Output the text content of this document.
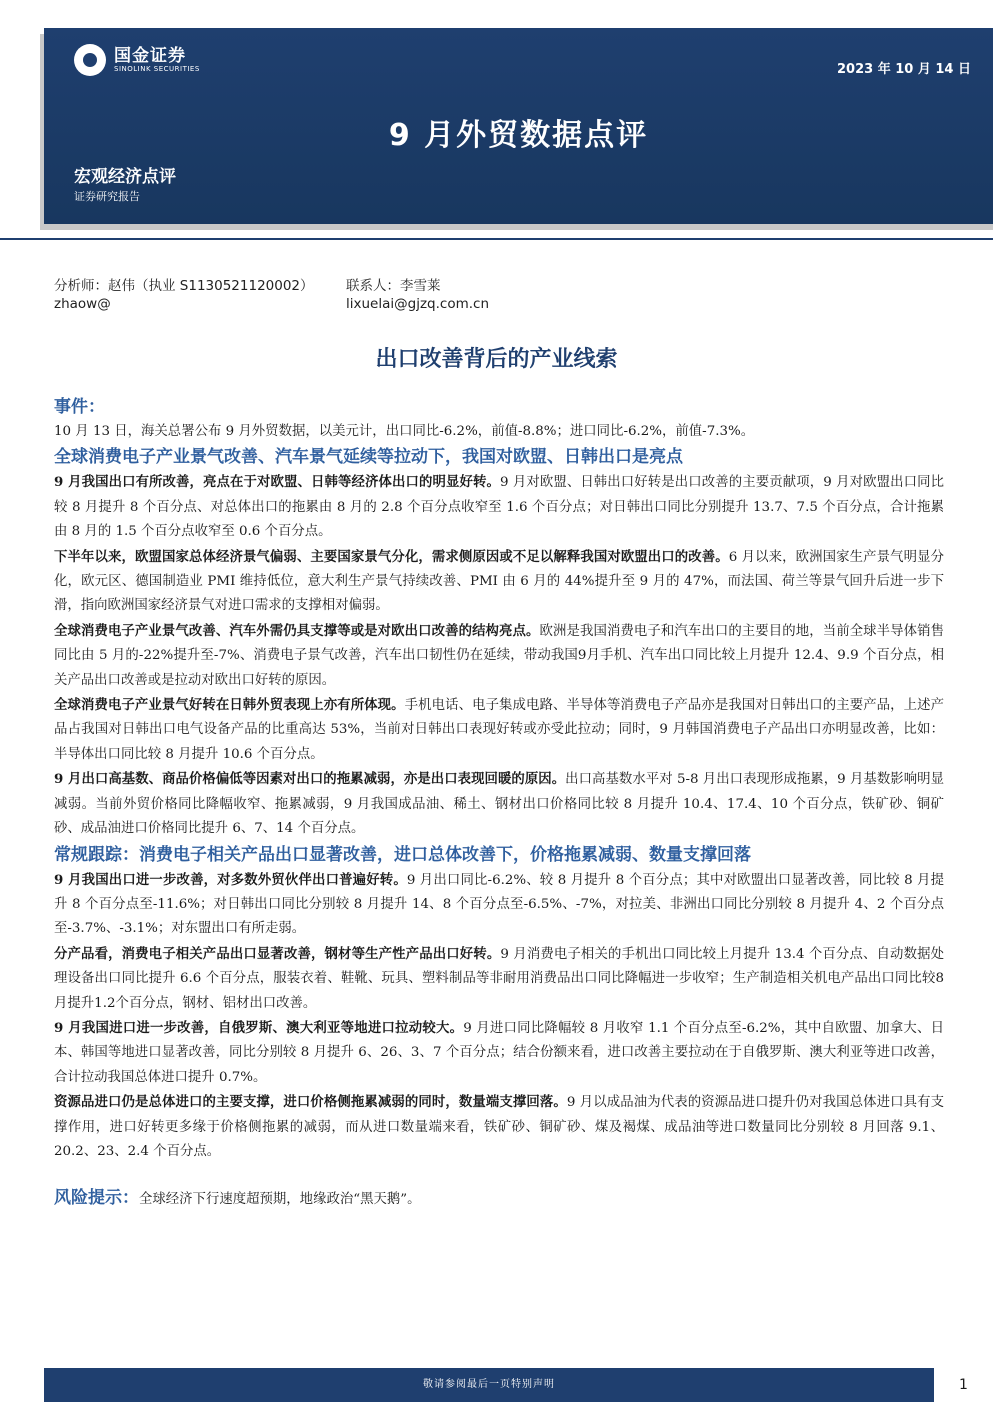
国金证券
SINOLINK SECURITIES	2023 年 10 月 14 日
9 月外贸数据点评
宏观经济点评
证券研究报告
分析师：赵伟（执业 S1130521120002）
zhaow@
联系人：李雪莱
lixuelai@gjzq.com.cn
出口改善背后的产业线索
事件：

10 月 13 日，海关总署公布 9 月外贸数据，以美元计，出口同比-6.2%，前值-8.8%；进口同比-6.2%，前值-7.3%。

全球消费电子产业景气改善、汽车景气延续等拉动下，我国对欧盟、日韩出口是亮点

9 月我国出口有所改善，亮点在于对欧盟、日韩等经济体出口的明显好转。9 月对欧盟、日韩出口好转是出口改善的主要贡献项，9 月对欧盟出口同比较 8 月提升 8 个百分点、对总体出口的拖累由 8 月的 2.8 个百分点收窄至 1.6 个百分点；对日韩出口同比分别提升 13.7、7.5 个百分点，合计拖累由 8 月的 1.5 个百分点收窄至 0.6 个百分点。

下半年以来，欧盟国家总体经济景气偏弱、主要国家景气分化，需求侧原因或不足以解释我国对欧盟出口的改善。6 月以来，欧洲国家生产景气明显分化，欧元区、德国制造业 PMI 维持低位，意大利生产景气持续改善、PMI 由 6 月的 44%提升至 9 月的 47%，而法国、荷兰等景气回升后进一步下滑，指向欧洲国家经济景气对进口需求的支撑相对偏弱。

全球消费电子产业景气改善、汽车外需仍具支撑等或是对欧出口改善的结构亮点。欧洲是我国消费电子和汽车出口的主要目的地，当前全球半导体销售同比由 5 月的-22%提升至-7%、消费电子景气改善，汽车出口韧性仍在延续，带动我国9月手机、汽车出口同比较上月提升 12.4、9.9 个百分点，相关产品出口改善或是拉动对欧出口好转的原因。

全球消费电子产业景气好转在日韩外贸表现上亦有所体现。手机电话、电子集成电路、半导体等消费电子产品亦是我国对日韩出口的主要产品，上述产品占我国对日韩出口电气设备产品的比重高达 53%，当前对日韩出口表现好转或亦受此拉动；同时，9 月韩国消费电子产品出口亦明显改善，比如：半导体出口同比较 8 月提升 10.6 个百分点。

9 月出口高基数、商品价格偏低等因素对出口的拖累减弱，亦是出口表现回暖的原因。出口高基数水平对 5-8 月出口表现形成拖累，9 月基数影响明显减弱。当前外贸价格同比降幅收窄、拖累减弱，9 月我国成品油、稀土、钢材出口价格同比较 8 月提升 10.4、17.4、10 个百分点，铁矿砂、铜矿砂、成品油进口价格同比提升 6、7、14 个百分点。

常规跟踪：消费电子相关产品出口显著改善，进口总体改善下，价格拖累减弱、数量支撑回落

9 月我国出口进一步改善，对多数外贸伙伴出口普遍好转。9 月出口同比-6.2%、较 8 月提升 8 个百分点；其中对欧盟出口显著改善，同比较 8 月提升 8 个百分点至-11.6%；对日韩出口同比分别较 8 月提升 14、8 个百分点至-6.5%、-7%，对拉美、非洲出口同比分别较 8 月提升 4、2 个百分点至-3.7%、-3.1%；对东盟出口有所走弱。

分产品看，消费电子相关产品出口显著改善，钢材等生产性产品出口好转。9 月消费电子相关的手机出口同比较上月提升 13.4 个百分点、自动数据处理设备出口同比提升 6.6 个百分点，服装衣着、鞋靴、玩具、塑料制品等非耐用消费品出口同比降幅进一步收窄；生产制造相关机电产品出口同比较8月提升1.2个百分点，钢材、铝材出口改善。

9 月我国进口进一步改善，自俄罗斯、澳大利亚等地进口拉动较大。9 月进口同比降幅较 8 月收窄 1.1 个百分点至-6.2%，其中自欧盟、加拿大、日本、韩国等地进口显著改善，同比分别较 8 月提升 6、26、3、7 个百分点；结合份额来看，进口改善主要拉动在于自俄罗斯、澳大利亚等进口改善，合计拉动我国总体进口提升 0.7%。

资源品进口仍是总体进口的主要支撑，进口价格侧拖累减弱的同时，数量端支撑回落。9 月以成品油为代表的资源品进口提升仍对我国总体进口具有支撑作用，进口好转更多缘于价格侧拖累的减弱，而从进口数量端来看，铁矿砂、铜矿砂、煤及褐煤、成品油等进口数量同比分别较 8 月回落 9.1、20.2、23、2.4 个百分点。

风险提示：全球经济下行速度超预期，地缘政治“黑天鹅”。
敬请参阅最后一页特别声明	1
